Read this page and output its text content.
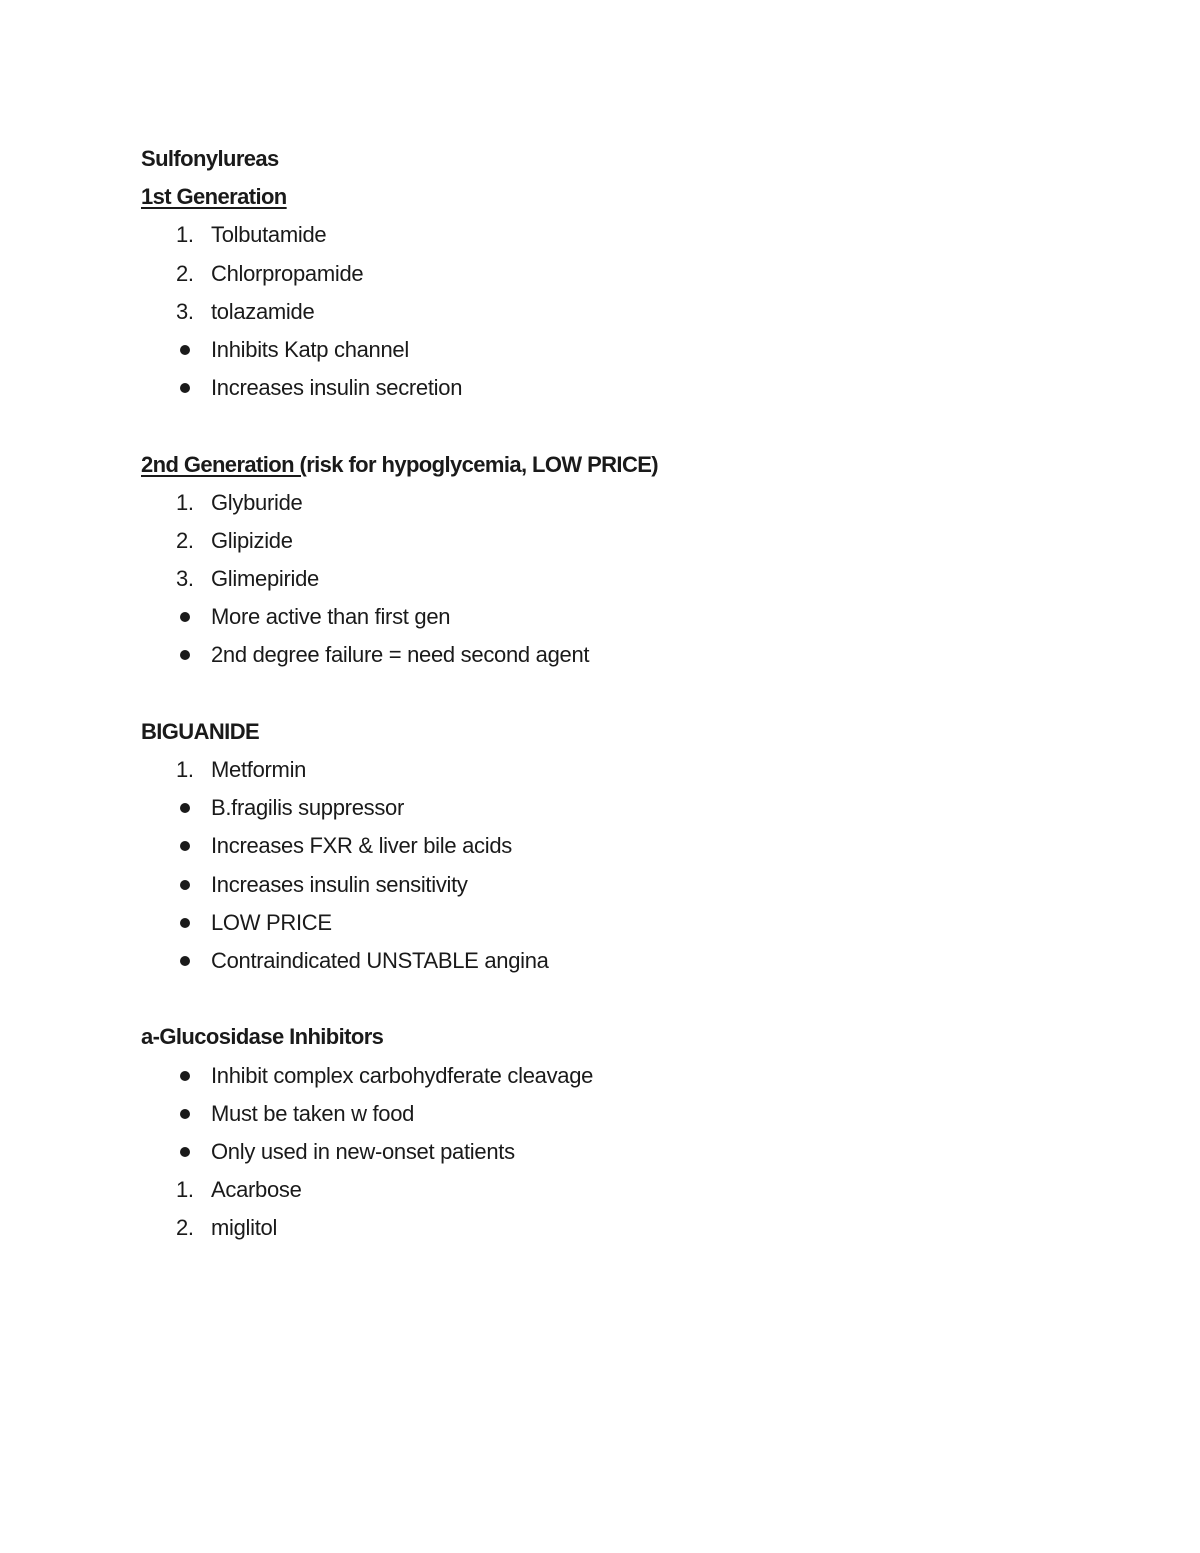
Sulfonylureas
1st Generation
1. Tolbutamide
2. Chlorpropamide
3. tolazamide
Inhibits Katp channel
Increases insulin secretion
2nd Generation (risk for hypoglycemia, LOW PRICE)
1. Glyburide
2. Glipizide
3. Glimepiride
More active than first gen
2nd degree failure = need second agent
BIGUANIDE
1. Metformin
B.fragilis suppressor
Increases FXR & liver bile acids
Increases insulin sensitivity
LOW PRICE
Contraindicated UNSTABLE angina
a-Glucosidase Inhibitors
Inhibit complex carbohydferate cleavage
Must be taken w food
Only used in new-onset patients
1. Acarbose
2. miglitol
